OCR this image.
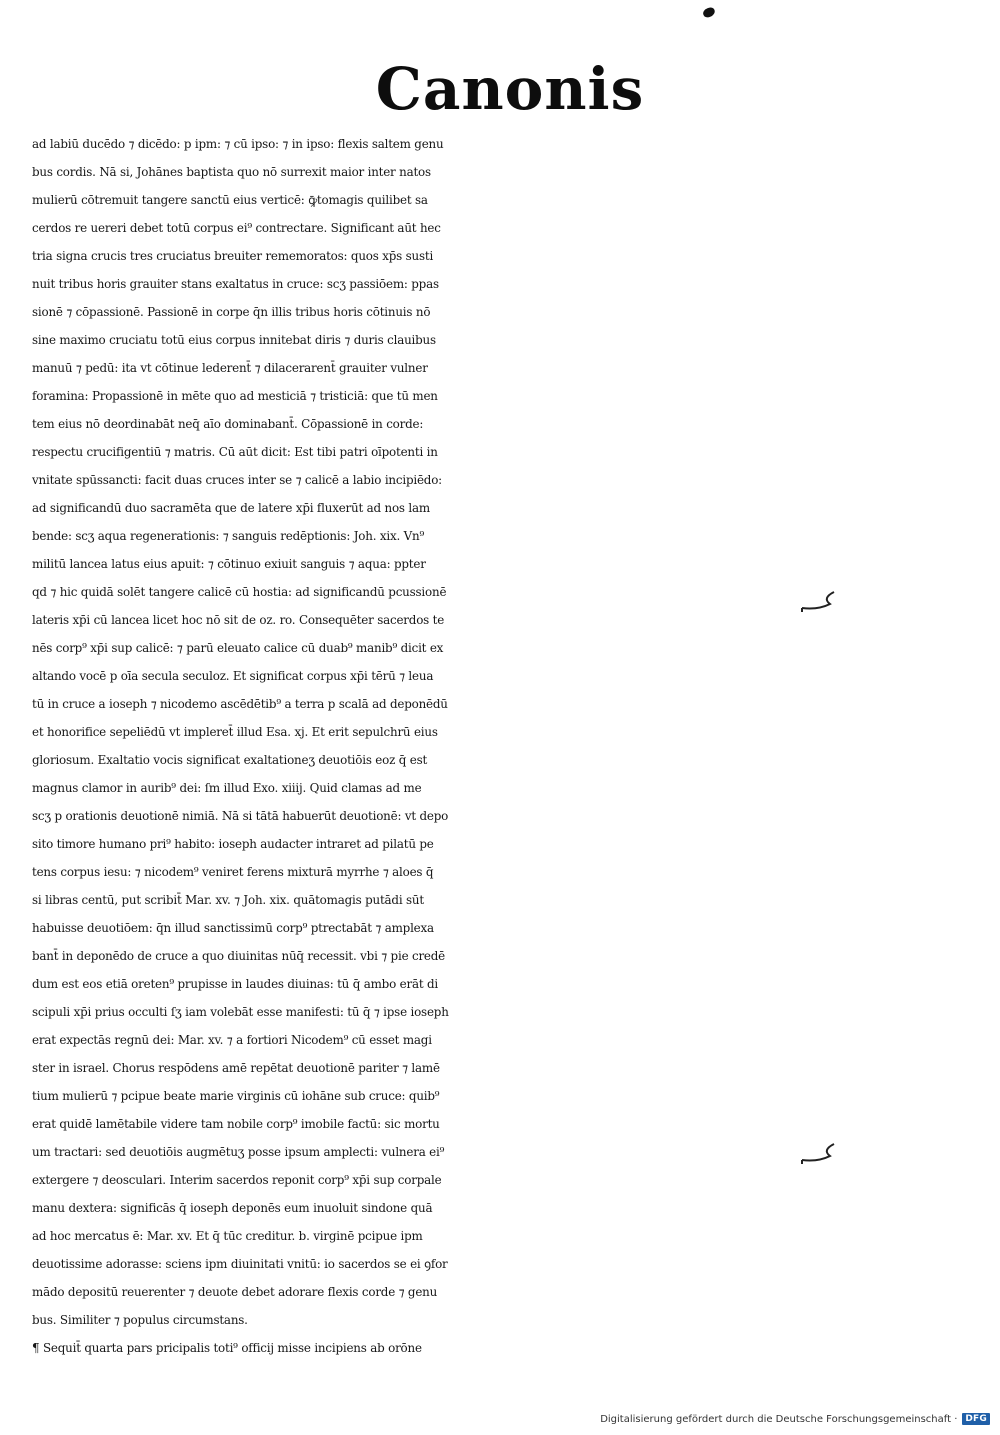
Canonis
ad labiū ducēdo ⁊ dicēdo: p ipm: ⁊ cū ipso: ⁊ in ipso: flexis saltem genu
bus cordis. Nā si, Johānes baptista quo nō surrexit maior inter natos
mulierū cōtremuit tangere sanctū eius verticē: ꝙ̄tomagis quilibet sa
cerdos re uereri debet totū corpus ei⁹ contrectare. Significant aūt hec
tria signa crucis tres cruciatus breuiter rememoratos: quos xp̄s susti
nuit tribus horis grauiter stans exaltatus in cruce: scʒ passiōem: ppas
sionē ⁊ cōpassionē. Passionē in corpe q̄n illis tribus horis cōtinuis nō
sine maximo cruciatu totū eius corpus innitebat diris ⁊ duris clauibus
manuū ⁊ pedū: ita vt cōtinue lederent̄ ⁊ dilacerarent̄ grauiter vulner
foramina: Propassionē in mēte quo ad mesticiā ⁊ tristiciā: que tū men
tem eius nō deordinabāt neq̄ aīo dominabant̄. Cōpassionē in corde:
respectu crucifigentiū ⁊ matris. Cū aūt dicit: Est tibi patri oīpotenti in
vnitate spūssancti: facit duas cruces inter se ⁊ calicē a labio incipiēdo:
ad significandū duo sacramēta que de latere xp̄i fluxerūt ad nos lam
bende: scʒ aqua regenerationis: ⁊ sanguis redēptionis: Joh. xix. Vn⁹
militū lancea latus eius apuit: ⁊ cōtinuo exiuit sanguis ⁊ aqua: ppter
qd ⁊ hic quidā solēt tangere calicē cū hostia: ad significandū pcussionē
lateris xp̄i cū lancea licet hoc nō sit de oz. ro. Consequēter sacerdos te
nēs corp⁹ xp̄i sup calicē: ⁊ parū eleuato calice cū duab⁹ manib⁹ dicit ex
altando vocē p oīa secula seculoz. Et significat corpus xp̄i tērū ⁊ leua
tū in cruce a ioseph ⁊ nicodemo ascēdētib⁹ a terra p scalā ad deponēdū
et honorifice sepeliēdū vt impleret̄ illud Esa. xj. Et erit sepulchrū eius
gloriosum. Exaltatio vocis significat exaltationeʒ deuotiōis eoz q̄ est
magnus clamor in aurib⁹ dei: ſm illud Exo. xiiij. Quid clamas ad me
scʒ p orationis deuotionē nimiā. Nā si tātā habuerūt deuotionē: vt depo
sito timore humano pri⁹ habito: ioseph audacter intraret ad pilatū pe
tens corpus iesu: ⁊ nicodem⁹ veniret ferens mixturā myrrhe ⁊ aloes q̄
si libras centū, put scribit̄ Mar. xv. ⁊ Joh. xix. quātomagis putādi sūt
habuisse deuotiōem: q̄n illud sanctissimū corp⁹ ptrectabāt ⁊ amplexa
bant̄ in deponēdo de cruce a quo diuinitas nūq̄ recessit. vbi ⁊ pie credē
dum est eos etiā oreten⁹ prupisse in laudes diuinas: tū q̄ ambo erāt di
scipuli xp̄i prius occulti ſʒ iam volebāt esse manifesti: tū q̄ ⁊ ipse ioseph
erat expectās regnū dei: Mar. xv. ⁊ a fortiori Nicodem⁹ cū esset magi
ster in israel. Chorus respōdens amē repētat deuotionē pariter ⁊ lamē
tium mulierū ⁊ pcipue beate marie virginis cū iohāne sub cruce: quib⁹
erat quidē lamētabile videre tam nobile corp⁹ imobile factū: sic mortu
um tractari: sed deuotiōis augmētuʒ posse ipsum amplecti: vulnera ei⁹
extergere ⁊ deosculari. Interim sacerdos reponit corp⁹ xp̄i sup corpale
manu dextera: significās q̄ ioseph deponēs eum inuoluit sindone quā
ad hoc mercatus ē: Mar. xv. Et q̄ tūc creditur. b. virginē pcipue ipm
deuotissime adorasse: sciens ipm diuinitati vnitū: io sacerdos se ei ꝯfor
mādo depositū reuerenter ⁊ deuote debet adorare flexis corde ⁊ genu
bus. Similiter ⁊ populus circumstans.
¶ Sequit̄ quarta pars pricipalis toti⁹ officij misse incipiens ab orōne
Digitalisierung gefördert durch die Deutsche Forschungsgemeinschaft · DFG
